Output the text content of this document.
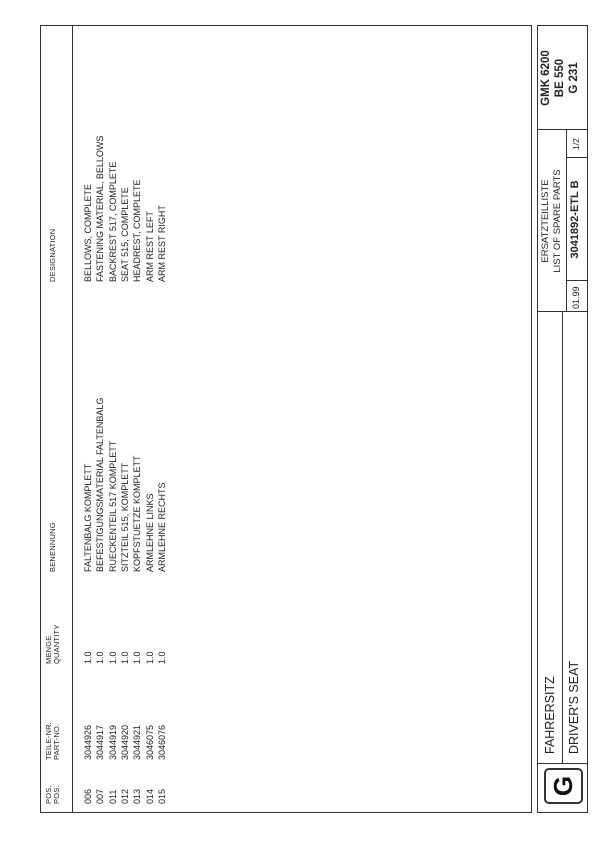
POS. POS.
TEILE-NR. PART-NO.
MENGE QUANTITY
BENENNUNG
DESIGNATION
006
3044926
1.0
FALTENBALG KOMPLETT
BELLOWS, COMPLETE
007
3044917
1.0
BEFESTIGUNGSMATERIAL FALTENBALG
FASTENING MATERIAL, BELLOWS
011
3044919
1.0
RUECKENTEIL 517 KOMPLETT
BACKREST 517, COMPLETE
012
3044920
1.0
SITZTEIL 515, KOMPLETT
SEAT 515, COMPLETE
013
3044921
1.0
KOPFSTUETZE KOMPLETT
HEADREST, COMPLETE
014
3046075
1.0
ARMLEHNE LINKS
ARM REST LEFT
015
3046076
1.0
ARMLEHNE RECHTS
ARM REST RIGHT
G
FAHRERSITZ DRIVER'S SEAT
ERSATZTEILLISTE LIST OF SPARE PARTS
01.99
3041892-ETL B
1/2
GMK 6200 BE 550 G 231
